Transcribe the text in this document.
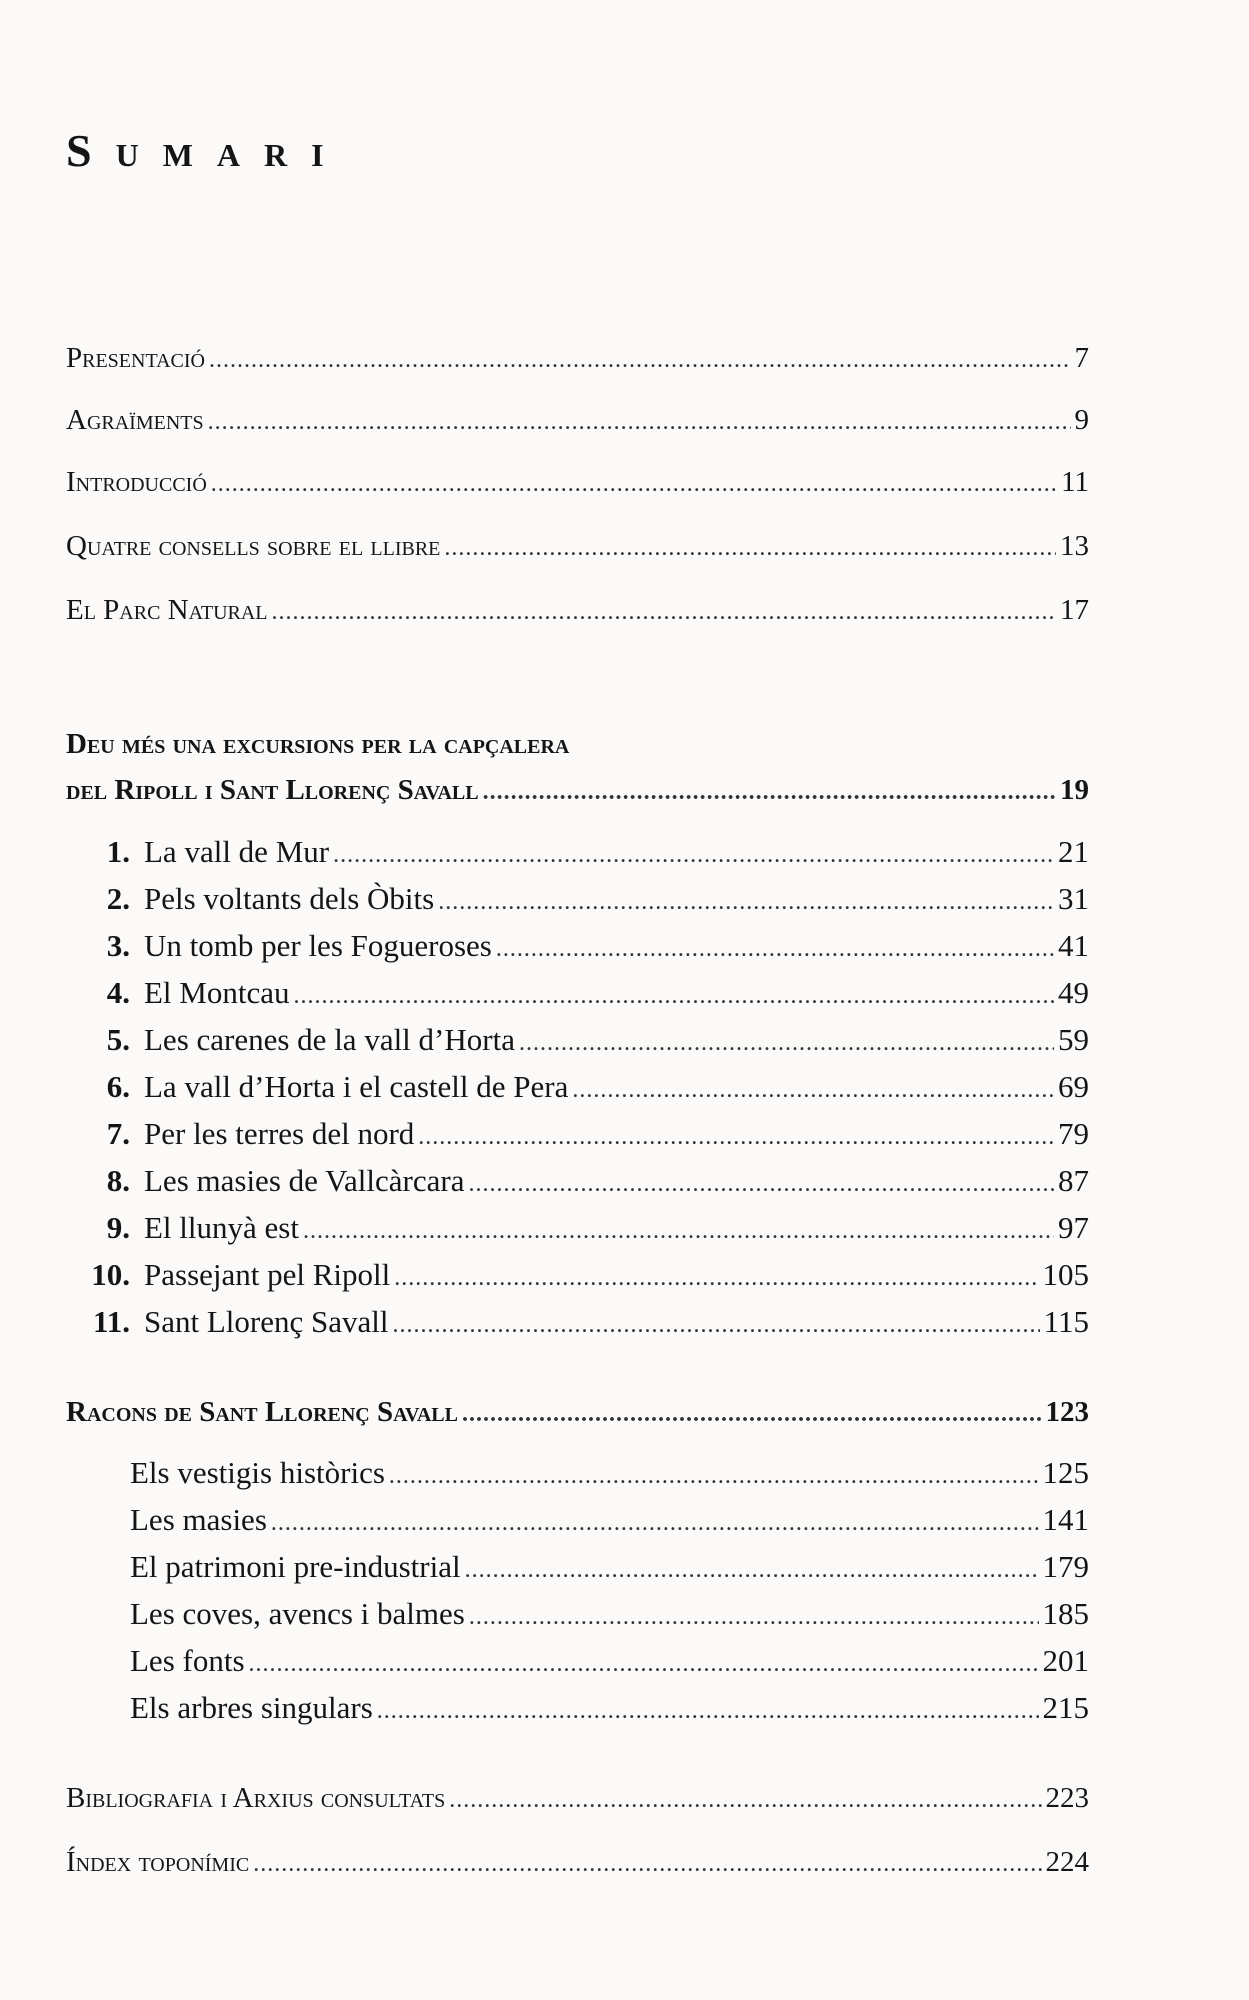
Sumari
Presentació .....	7
Agraïments .....	9
Introducció .....	11
Quatre consells sobre el llibre .....	13
El Parc Natural .....	17
Deu més una excursions per la capçalera
del Ripoll i Sant Llorenç Savall .....	19
1. La vall de Mur .....	21
2. Pels voltants dels Òbits .....	31
3. Un tomb per les Fogueroses .....	41
4. El Montcau .....	49
5. Les carenes de la vall d’Horta .....	59
6. La vall d’Horta i el castell de Pera .....	69
7. Per les terres del nord .....	79
8. Les masies de Vallcàrcara .....	87
9. El llunyà est .....	97
10. Passejant pel Ripoll .....	105
11. Sant Llorenç Savall .....	115
Racons de Sant Llorenç Savall .....	123
Els vestigis històrics .....	125
Les masies .....	141
El patrimoni pre-industrial .....	179
Les coves, avencs i balmes .....	185
Les fonts .....	201
Els arbres singulars .....	215
Bibliografia i Arxius consultats .....	223
Índex toponímic .....	224
